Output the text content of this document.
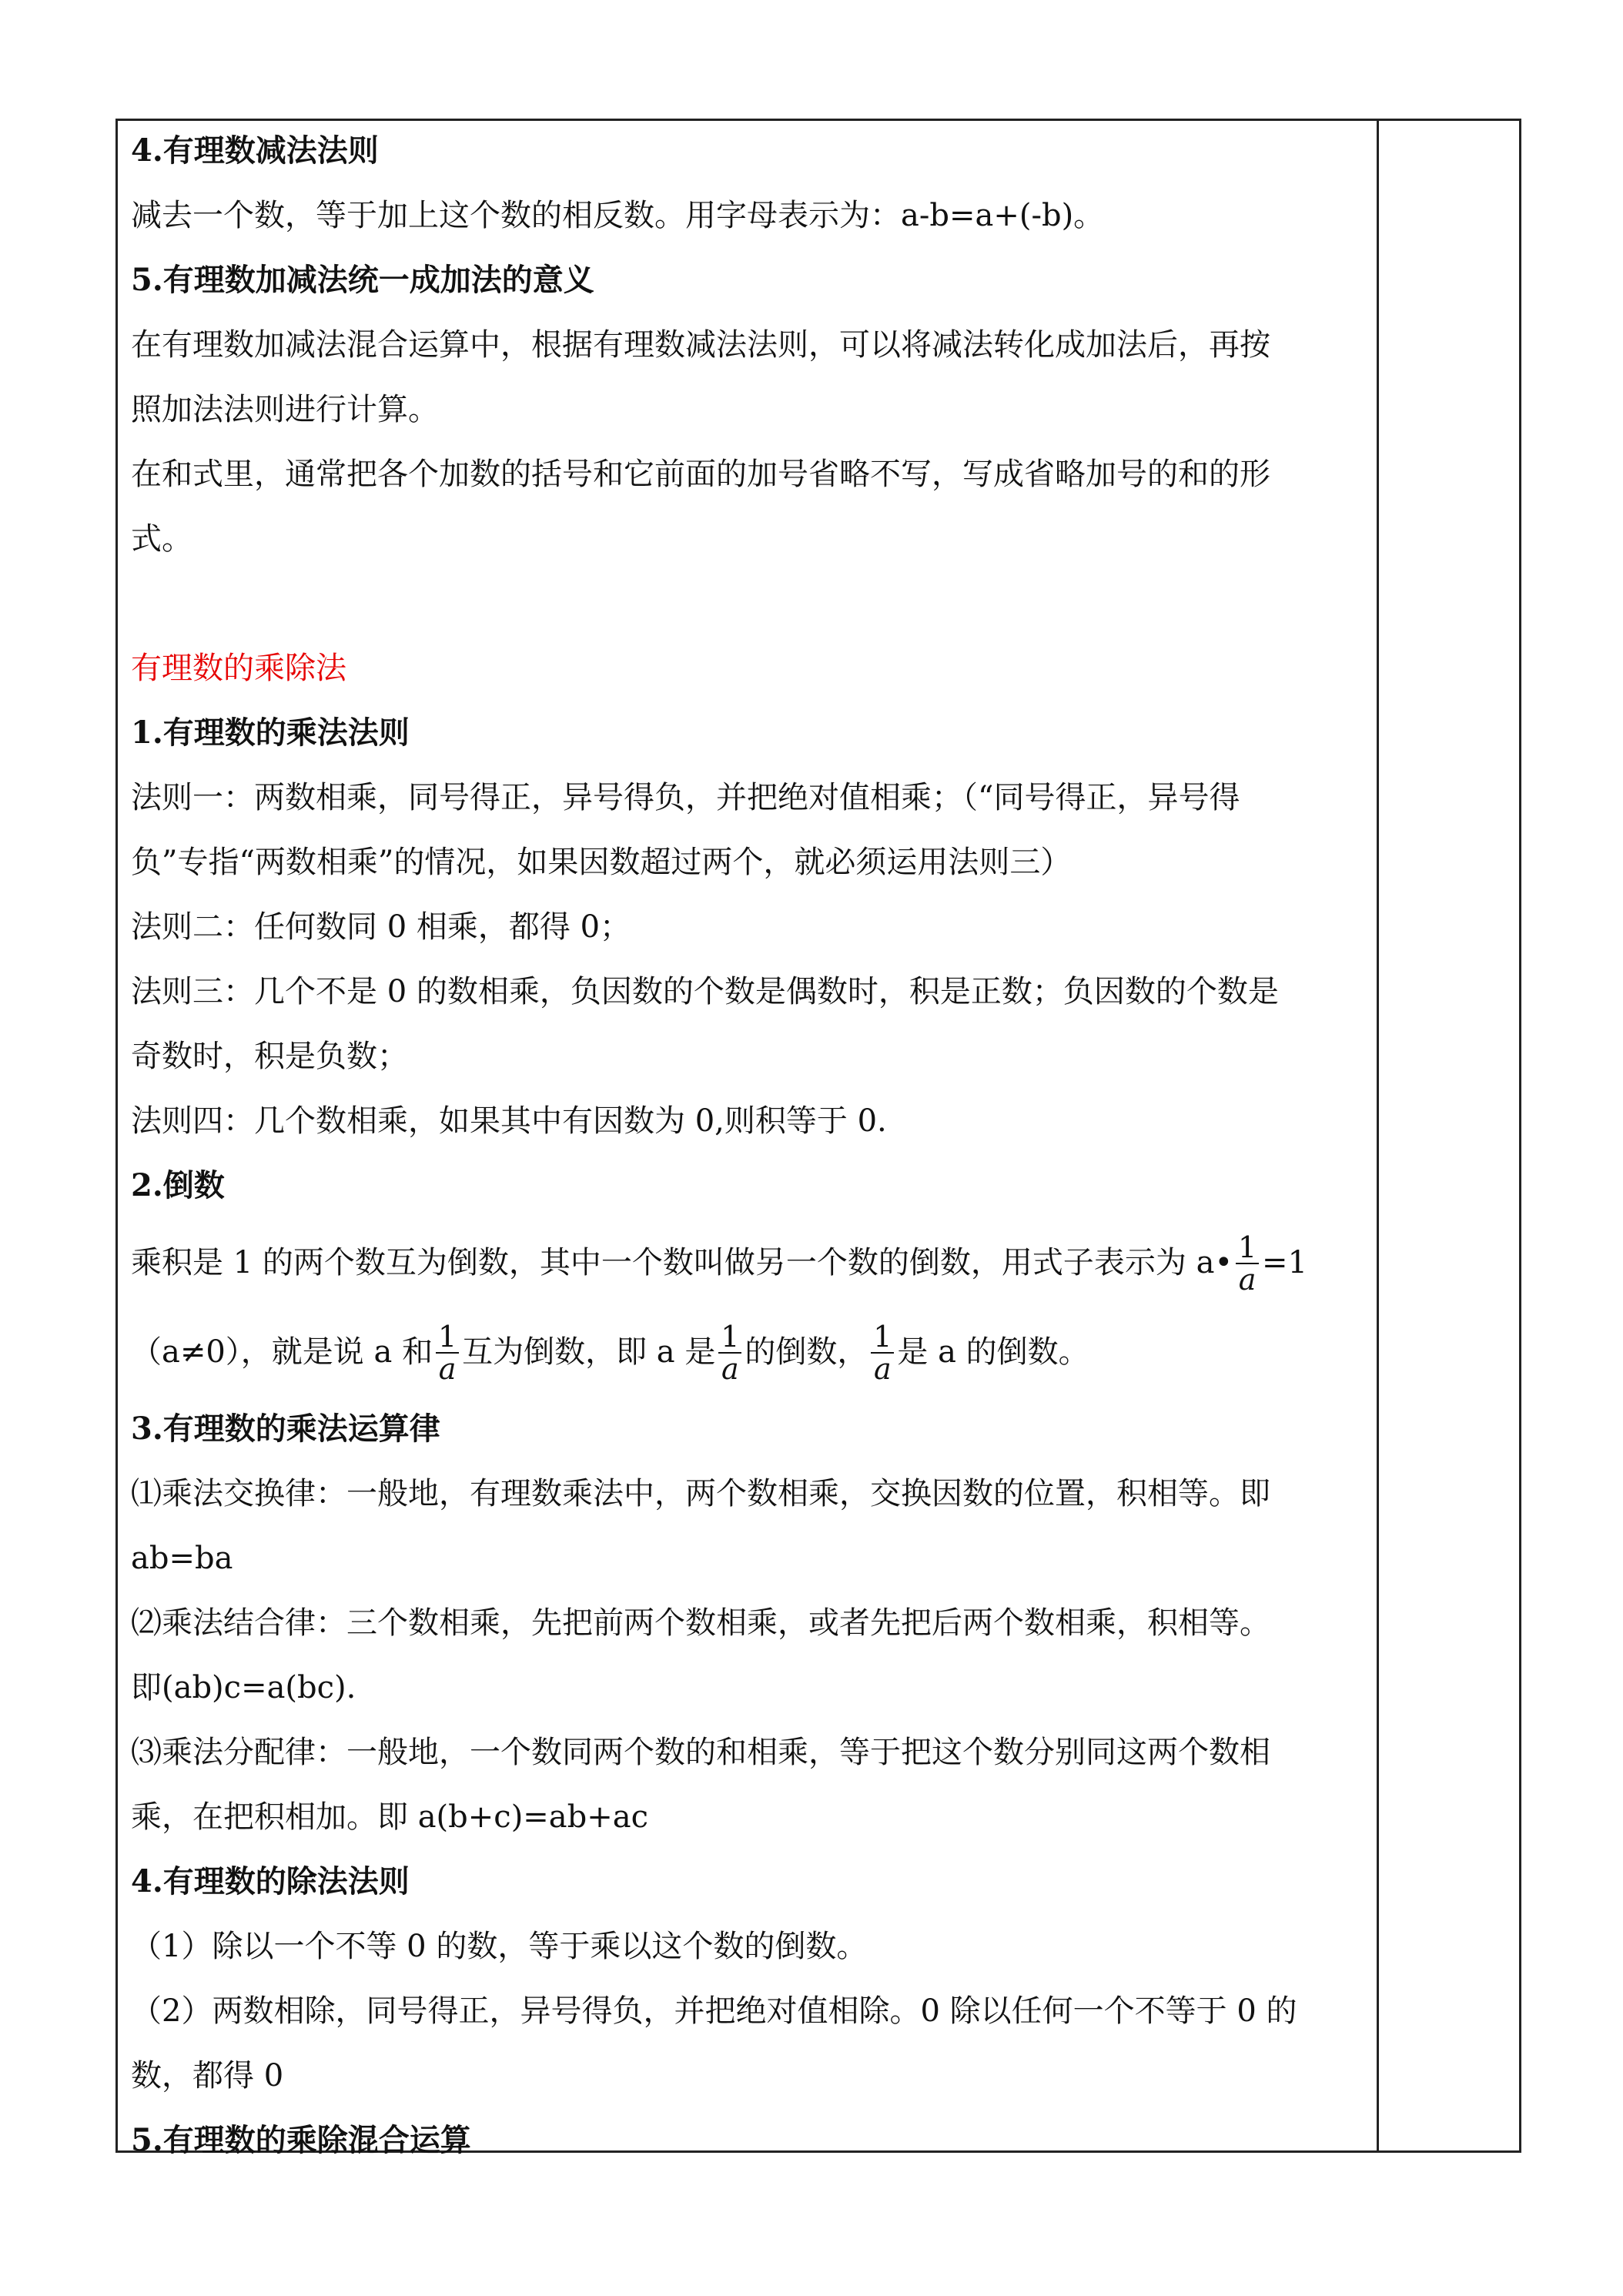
4.有理数减法法则
减去一个数，等于加上这个数的相反数。用字母表示为：a-b=a+(-b)。
5.有理数加减法统一成加法的意义
在有理数加减法混合运算中，根据有理数减法法则，可以将减法转化成加法后，再按
照加法法则进行计算。
在和式里，通常把各个加数的括号和它前面的加号省略不写，写成省略加号的和的形
式。
有理数的乘除法
1.有理数的乘法法则
法则一：两数相乘，同号得正，异号得负，并把绝对值相乘；（“同号得正，异号得
负”专指“两数相乘”的情况，如果因数超过两个，就必须运用法则三）
法则二：任何数同 0 相乘，都得 0；
法则三：几个不是 0 的数相乘，负因数的个数是偶数时，积是正数；负因数的个数是
奇数时，积是负数；
法则四：几个数相乘，如果其中有因数为 0,则积等于 0.
2.倒数
乘积是 1 的两个数互为倒数，其中一个数叫做另一个数的倒数，用式子表示为 a• $\frac{1}{a} =1$
（a≠0），就是说 a 和 $\frac{1}{a}$ 互为倒数，即 a 是 $\frac{1}{a}$ 的倒数， $\frac{1}{a}$ 是 a 的倒数。
3.有理数的乘法运算律
⑴乘法交换律：一般地，有理数乘法中，两个数相乘，交换因数的位置，积相等。即
ab=ba
⑵乘法结合律：三个数相乘，先把前两个数相乘，或者先把后两个数相乘，积相等。
即(ab)c=a(bc).
⑶乘法分配律：一般地，一个数同两个数的和相乘，等于把这个数分别同这两个数相
乘，在把积相加。即 a(b+c)=ab+ac
4.有理数的除法法则
（1）除以一个不等 0 的数，等于乘以这个数的倒数。
（2）两数相除，同号得正，异号得负，并把绝对值相除。0 除以任何一个不等于 0 的
数，都得 0
5.有理数的乘除混合运算
